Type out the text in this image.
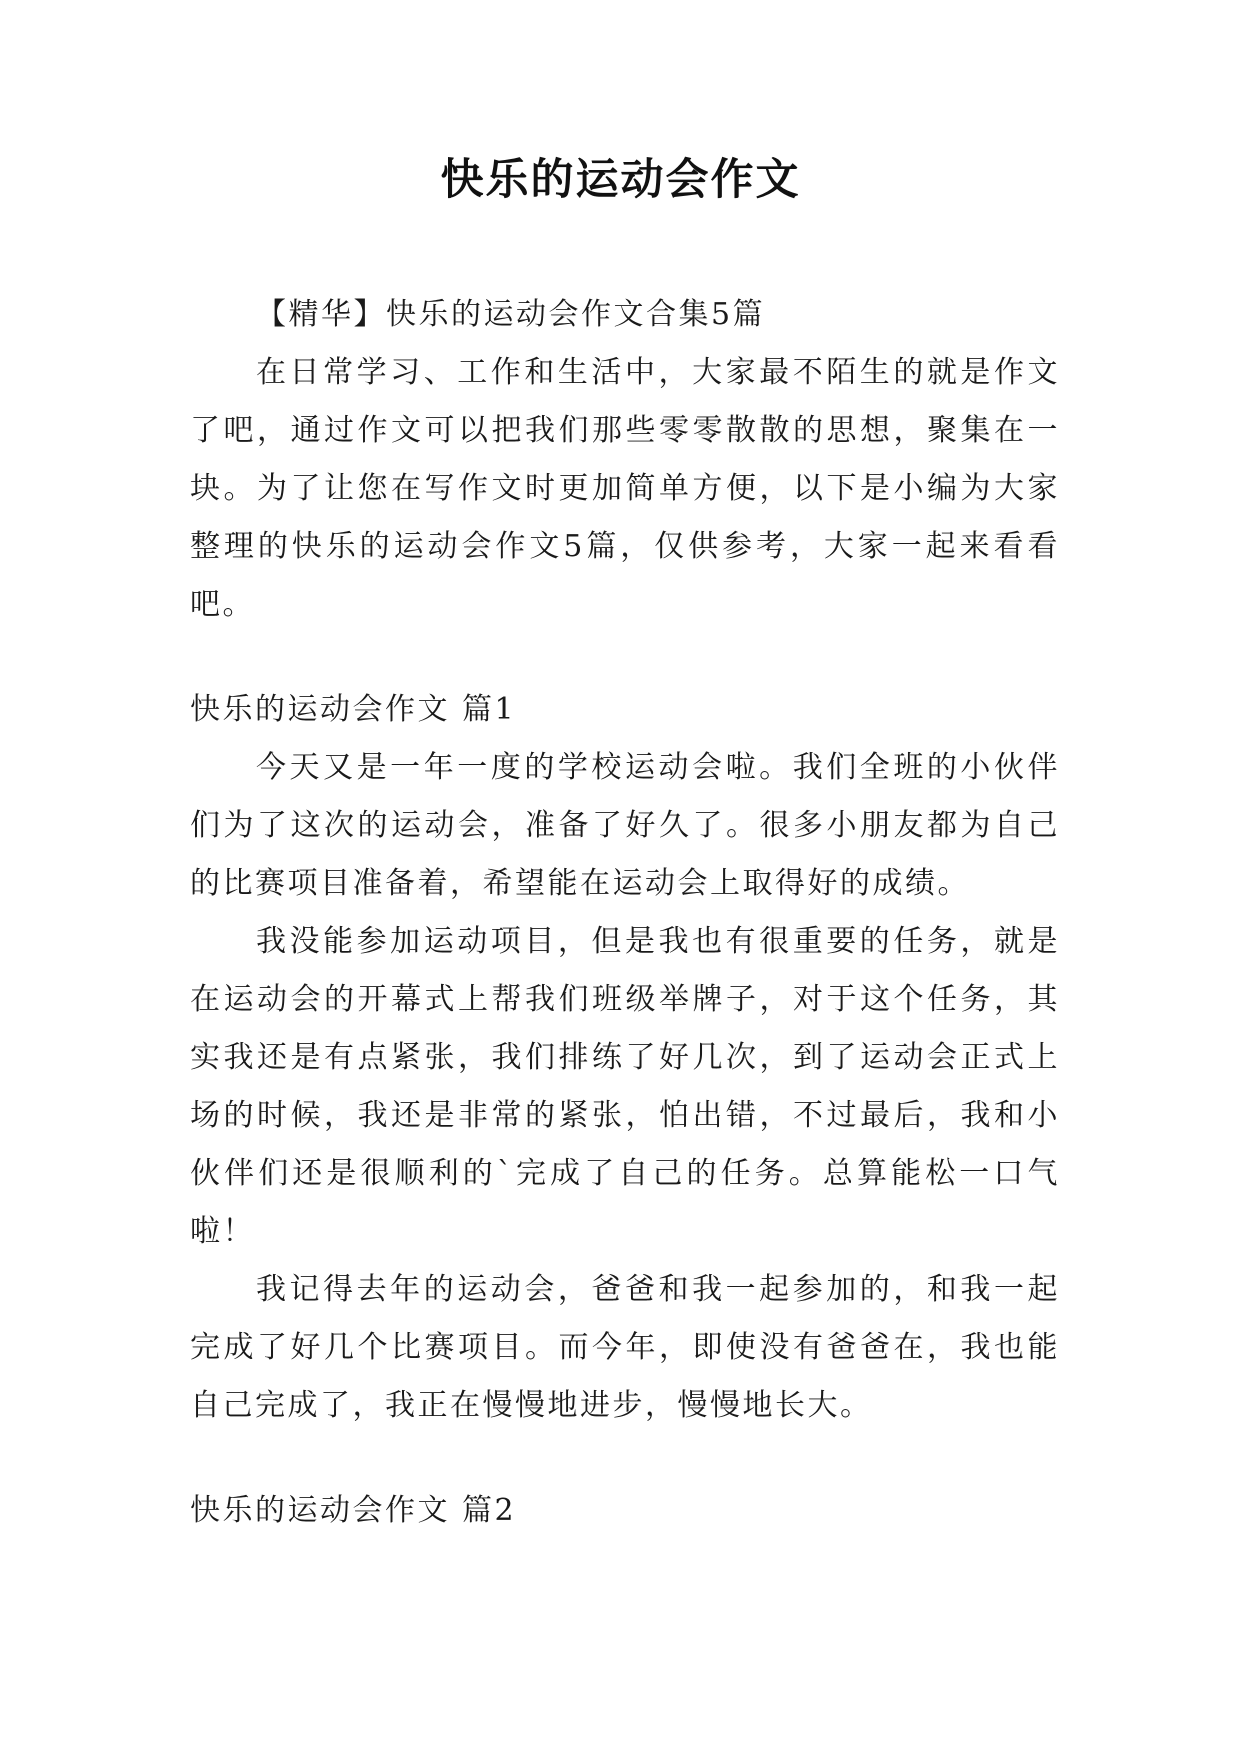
快乐的运动会作文

【精华】快乐的运动会作文合集5篇

在日常学习、工作和生活中，大家最不陌生的就是作文了吧，通过作文可以把我们那些零零散散的思想，聚集在一块。为了让您在写作文时更加简单方便，以下是小编为大家整理的快乐的运动会作文5篇，仅供参考，大家一起来看看吧。

快乐的运动会作文 篇1

今天又是一年一度的学校运动会啦。我们全班的小伙伴们为了这次的运动会，准备了好久了。很多小朋友都为自己的比赛项目准备着，希望能在运动会上取得好的成绩。

我没能参加运动项目，但是我也有很重要的任务，就是在运动会的开幕式上帮我们班级举牌子，对于这个任务，其实我还是有点紧张，我们排练了好几次，到了运动会正式上场的时候，我还是非常的紧张，怕出错，不过最后，我和小伙伴们还是很顺利的`完成了自己的任务。总算能松一口气啦！

我记得去年的运动会，爸爸和我一起参加的，和我一起完成了好几个比赛项目。而今年，即使没有爸爸在，我也能自己完成了，我正在慢慢地进步，慢慢地长大。

快乐的运动会作文 篇2
